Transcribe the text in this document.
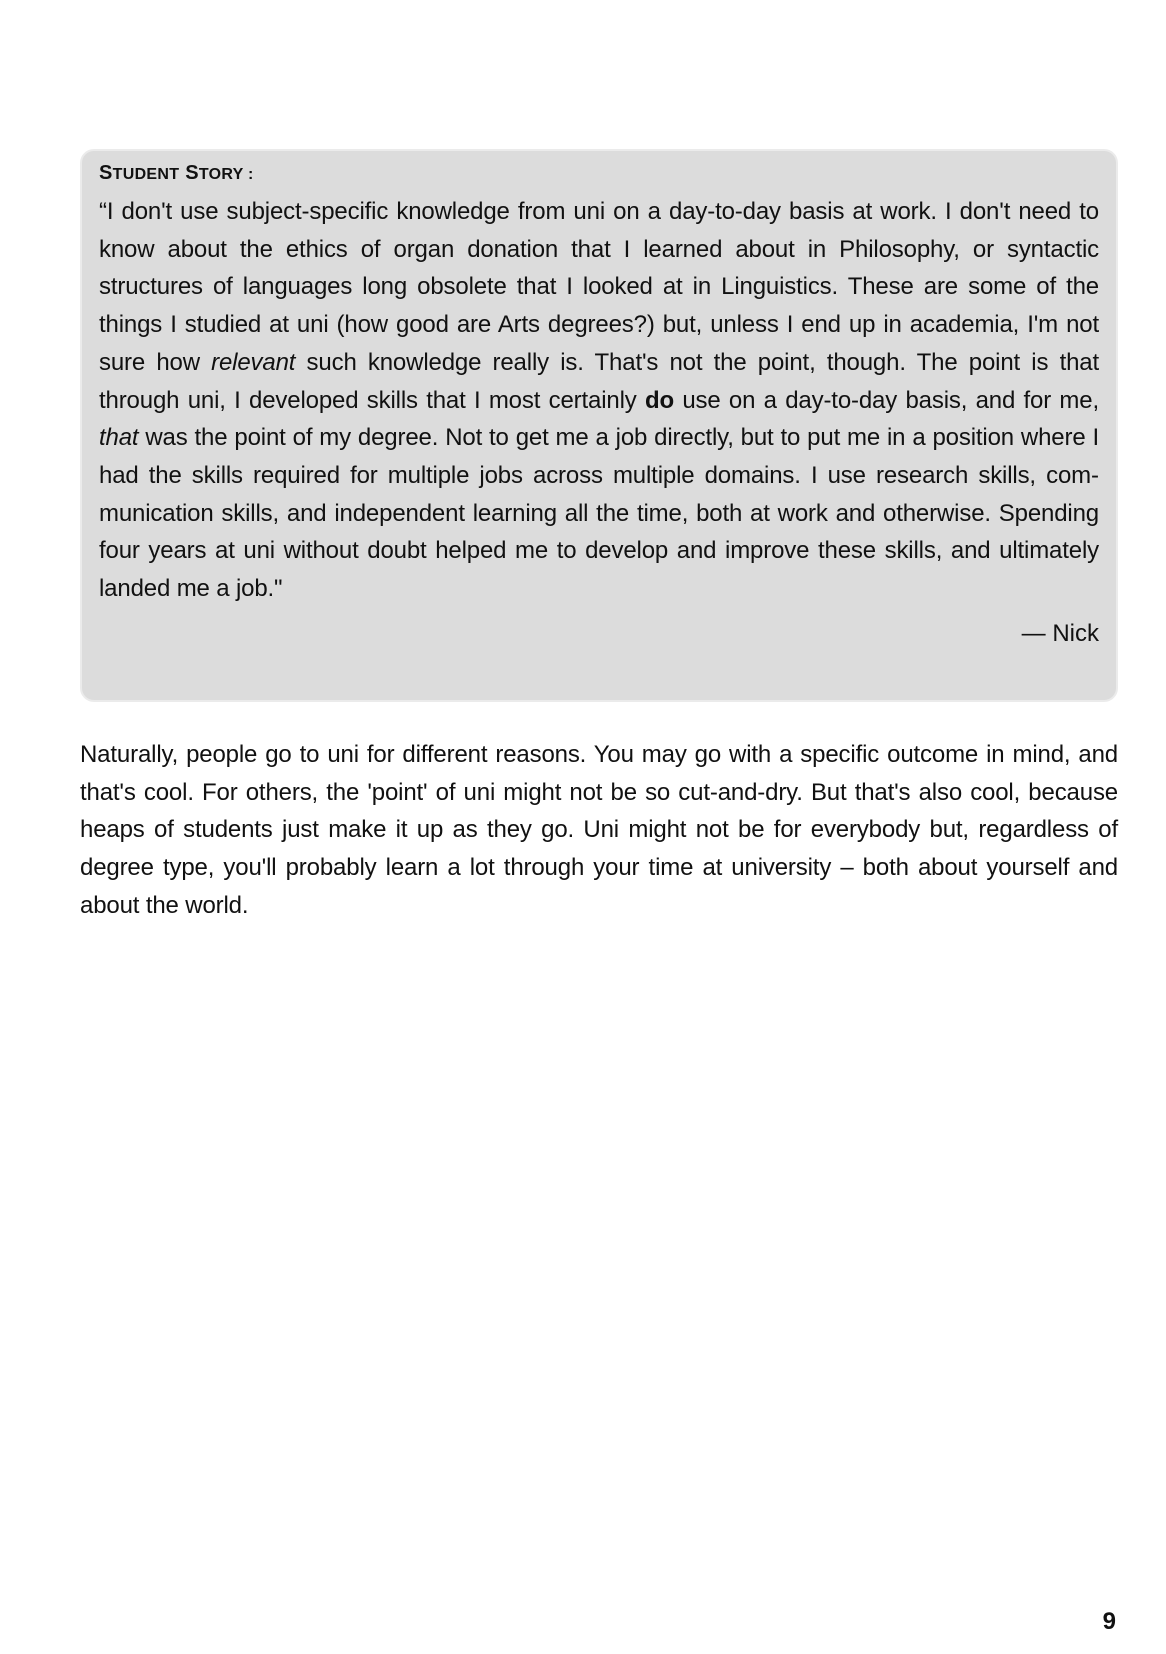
STUDENT STORY :

“I don't use subject-specific knowledge from uni on a day-to-day basis at work. I don't need to know about the ethics of organ donation that I learned about in Philosophy, or syntactic structures of languages long obsolete that I looked at in Linguistics. These are some of the things I studied at uni (how good are Arts degrees?) but, unless I end up in academia, I'm not sure how relevant such knowledge really is. That's not the point, though. The point is that through uni, I developed skills that I most certainly do use on a day-to-day basis, and for me, that was the point of my degree. Not to get me a job directly, but to put me in a position where I had the skills required for multiple jobs across multiple domains. I use research skills, communication skills, and independent learning all the time, both at work and otherwise. Spending four years at uni without doubt helped me to develop and improve these skills, and ultimately landed me a job."

— Nick

Naturally, people go to uni for different reasons. You may go with a specific outcome in mind, and that's cool. For others, the 'point' of uni might not be so cut-and-dry. But that's also cool, because heaps of students just make it up as they go. Uni might not be for everybody but, regardless of degree type, you'll probably learn a lot through your time at university – both about yourself and about the world.

9
